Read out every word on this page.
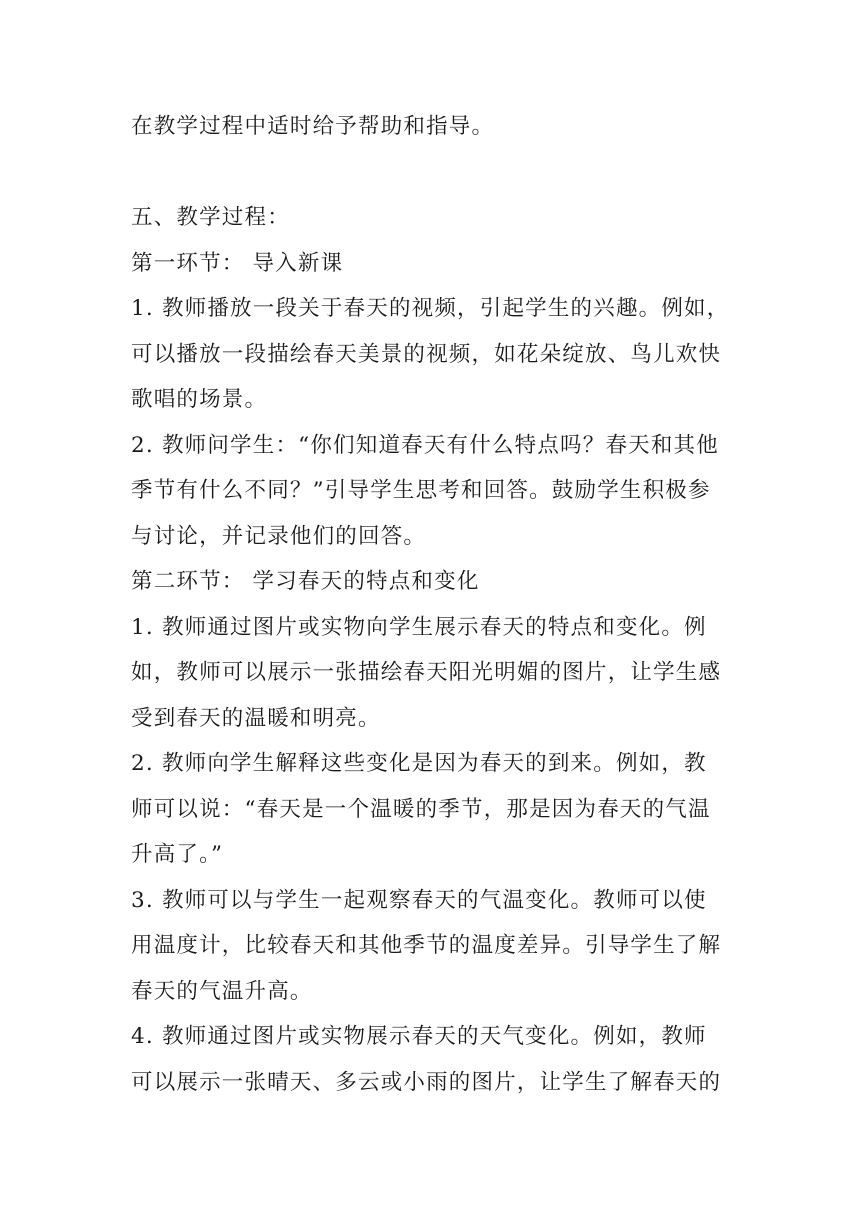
在教学过程中适时给予帮助和指导。
五、教学过程：
第一环节： 导入新课
1. 教师播放一段关于春天的视频，引起学生的兴趣。例如，
可以播放一段描绘春天美景的视频，如花朵绽放、鸟儿欢快
歌唱的场景。
2. 教师问学生：“你们知道春天有什么特点吗？春天和其他
季节有什么不同？”引导学生思考和回答。鼓励学生积极参
与讨论，并记录他们的回答。
第二环节： 学习春天的特点和变化
1. 教师通过图片或实物向学生展示春天的特点和变化。例
如，教师可以展示一张描绘春天阳光明媚的图片，让学生感
受到春天的温暖和明亮。
2. 教师向学生解释这些变化是因为春天的到来。例如，教
师可以说：“春天是一个温暖的季节，那是因为春天的气温
升高了。”
3. 教师可以与学生一起观察春天的气温变化。教师可以使
用温度计，比较春天和其他季节的温度差异。引导学生了解
春天的气温升高。
4. 教师通过图片或实物展示春天的天气变化。例如，教师
可以展示一张晴天、多云或小雨的图片，让学生了解春天的
